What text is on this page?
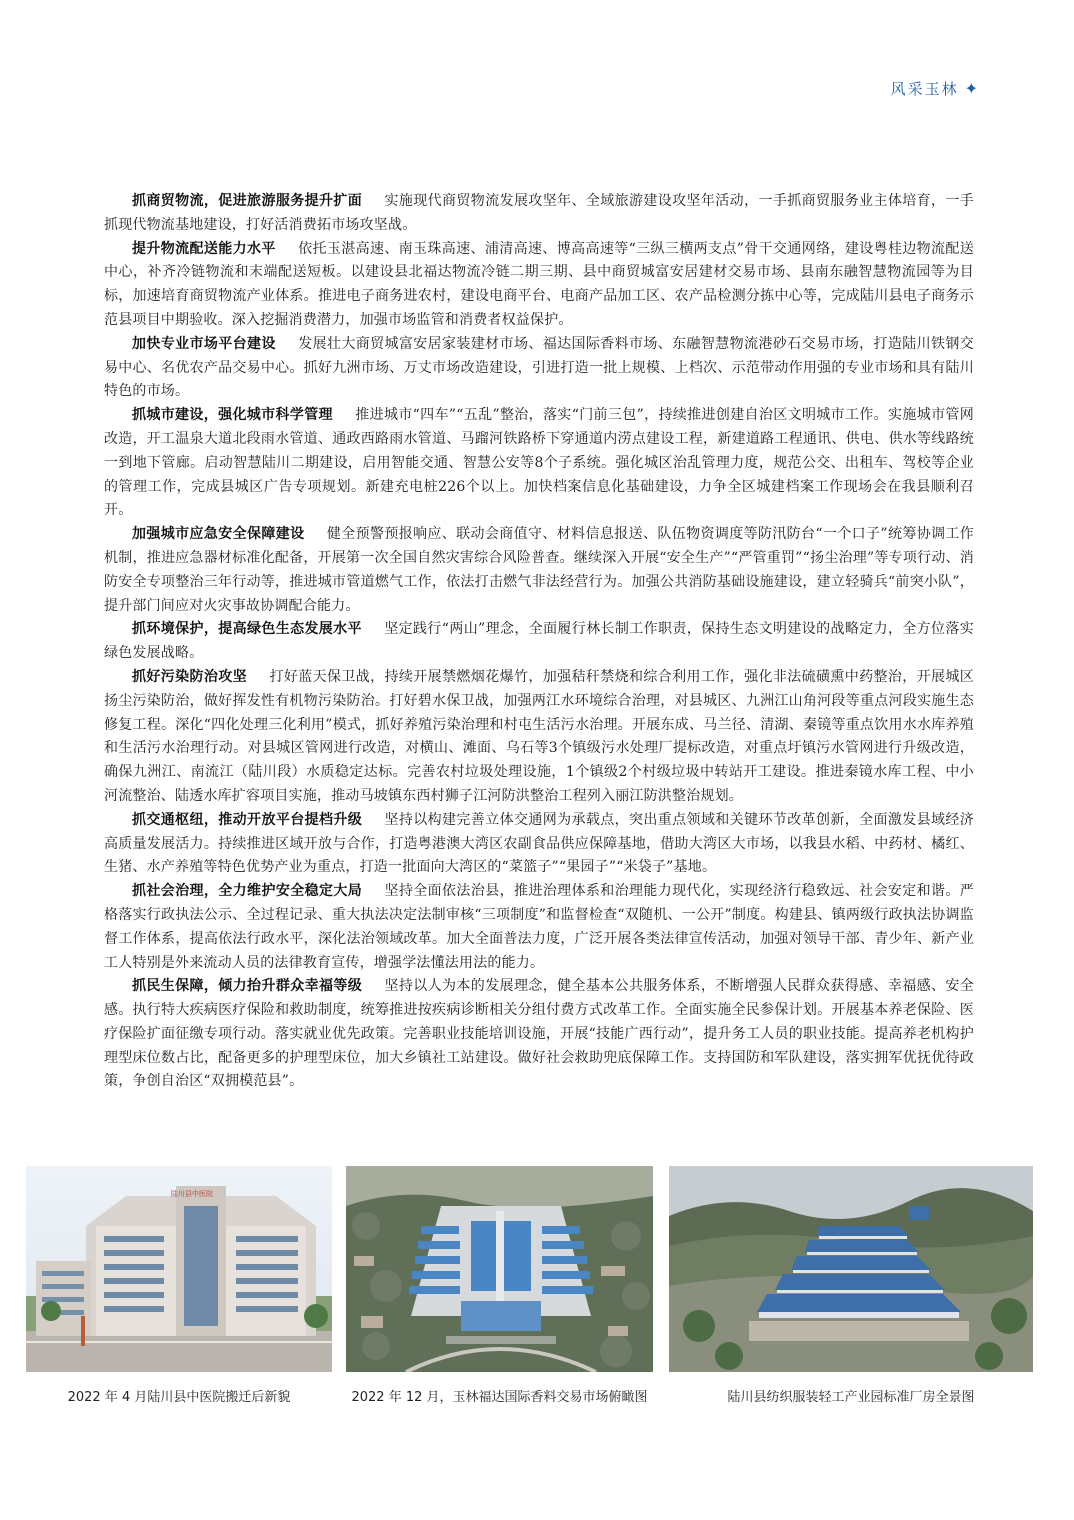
风采玉林 ✦

抓商贸物流，促进旅游服务提升扩面 实施现代商贸物流发展攻坚年、全域旅游建设攻坚年活动，一手抓商贸服务业主体培育，一手抓现代物流基地建设，打好活消费拓市场攻坚战。

提升物流配送能力水平 依托玉湛高速、南玉珠高速、浦清高速、博高高速等“三纵三横两支点”骨干交通网络，建设粤桂边物流配送中心，补齐冷链物流和末端配送短板。以建设县北福达物流冷链二期三期、县中商贸城富安居建材交易市场、县南东融智慧物流园等为目标，加速培育商贸物流产业体系。推进电子商务进农村，建设电商平台、电商产品加工区、农产品检测分拣中心等，完成陆川县电子商务示范县项目中期验收。深入挖掘消费潜力，加强市场监管和消费者权益保护。

加快专业市场平台建设 发展壮大商贸城富安居家装建材市场、福达国际香料市场、东融智慧物流港砂石交易市场，打造陆川铁钢交易中心、名优农产品交易中心。抓好九洲市场、万丈市场改造建设，引进打造一批上规模、上档次、示范带动作用强的专业市场和具有陆川特色的市场。

抓城市建设，强化城市科学管理 推进城市“四车”“五乱”整治，落实“门前三包”，持续推进创建自治区文明城市工作。实施城市管网改造，开工温泉大道北段雨水管道、通政西路雨水管道、马蹓河铁路桥下穿通道内涝点建设工程，新建道路工程通讯、供电、供水等线路统一到地下管廊。启动智慧陆川二期建设，启用智能交通、智慧公安等8个子系统。强化城区治乱管理力度，规范公交、出租车、驾校等企业的管理工作，完成县城区广告专项规划。新建充电桩226个以上。加快档案信息化基础建设，力争全区城建档案工作现场会在我县顺利召开。

加强城市应急安全保障建设 健全预警预报响应、联动会商值守、材料信息报送、队伍物资调度等防汛防台“一个口子”统筹协调工作机制，推进应急器材标准化配备，开展第一次全国自然灾害综合风险普查。继续深入开展“安全生产”“严管重罚”“扬尘治理”等专项行动、消防安全专项整治三年行动等，推进城市管道燃气工作，依法打击燃气非法经营行为。加强公共消防基础设施建设，建立轻骑兵“前突小队”，提升部门间应对火灾事故协调配合能力。

抓环境保护，提高绿色生态发展水平 坚定践行“两山”理念，全面履行林长制工作职责，保持生态文明建设的战略定力，全方位落实绿色发展战略。

抓好污染防治攻坚 打好蓝天保卫战，持续开展禁燃烟花爆竹，加强秸秆禁烧和综合利用工作，强化非法硫磺熏中药整治，开展城区扬尘污染防治，做好挥发性有机物污染防治。打好碧水保卫战，加强两江水环境综合治理，对县城区、九洲江山角河段等重点河段实施生态修复工程。深化“四化处理三化利用”模式，抓好养殖污染治理和村屯生活污水治理。开展东成、马兰径、清湖、秦镜等重点饮用水水库养殖和生活污水治理行动。对县城区管网进行改造，对横山、滩面、乌石等3个镇级污水处理厂提标改造，对重点圩镇污水管网进行升级改造，确保九洲江、南流江（陆川段）水质稳定达标。完善农村垃圾处理设施，1个镇级2个村级垃圾中转站开工建设。推进秦镜水库工程、中小河流整治、陆透水库扩容项目实施，推动马坡镇东西村狮子江河防洪整治工程列入丽江防洪整治规划。

抓交通枢纽，推动开放平台提档升级 坚持以构建完善立体交通网为承载点，突出重点领域和关键环节改革创新，全面激发县域经济高质量发展活力。持续推进区域开放与合作，打造粤港澳大湾区农副食品供应保障基地，借助大湾区大市场，以我县水稻、中药材、橘红、生猪、水产养殖等特色优势产业为重点，打造一批面向大湾区的“菜篮子”“果园子”“米袋子”基地。

抓社会治理，全力维护安全稳定大局 坚持全面依法治县，推进治理体系和治理能力现代化，实现经济行稳致远、社会安定和谐。严格落实行政执法公示、全过程记录、重大执法决定法制审核“三项制度”和监督检查“双随机、一公开”制度。构建县、镇两级行政执法协调监督工作体系，提高依法行政水平，深化法治领域改革。加大全面普法力度，广泛开展各类法律宣传活动，加强对领导干部、青少年、新产业工人特别是外来流动人员的法律教育宣传，增强学法懂法用法的能力。

抓民生保障，倾力抬升群众幸福等级 坚持以人为本的发展理念，健全基本公共服务体系，不断增强人民群众获得感、幸福感、安全感。执行特大疾病医疗保险和救助制度，统筹推进按疾病诊断相关分组付费方式改革工作。全面实施全民参保计划。开展基本养老保险、医疗保险扩面征缴专项行动。落实就业优先政策。完善职业技能培训设施，开展“技能广西行动”，提升务工人员的职业技能。提高养老机构护理型床位数占比，配备更多的护理型床位，加大乡镇社工站建设。做好社会救助兜底保障工作。支持国防和军队建设，落实拥军优抚优待政策，争创自治区“双拥模范县”。

陆川县中医院
2022 年 4 月陆川县中医院搬迁后新貌	2022 年 12 月，玉林福达国际香料交易市场俯瞰图	陆川县纺织服装轻工产业园标准厂房全景图
